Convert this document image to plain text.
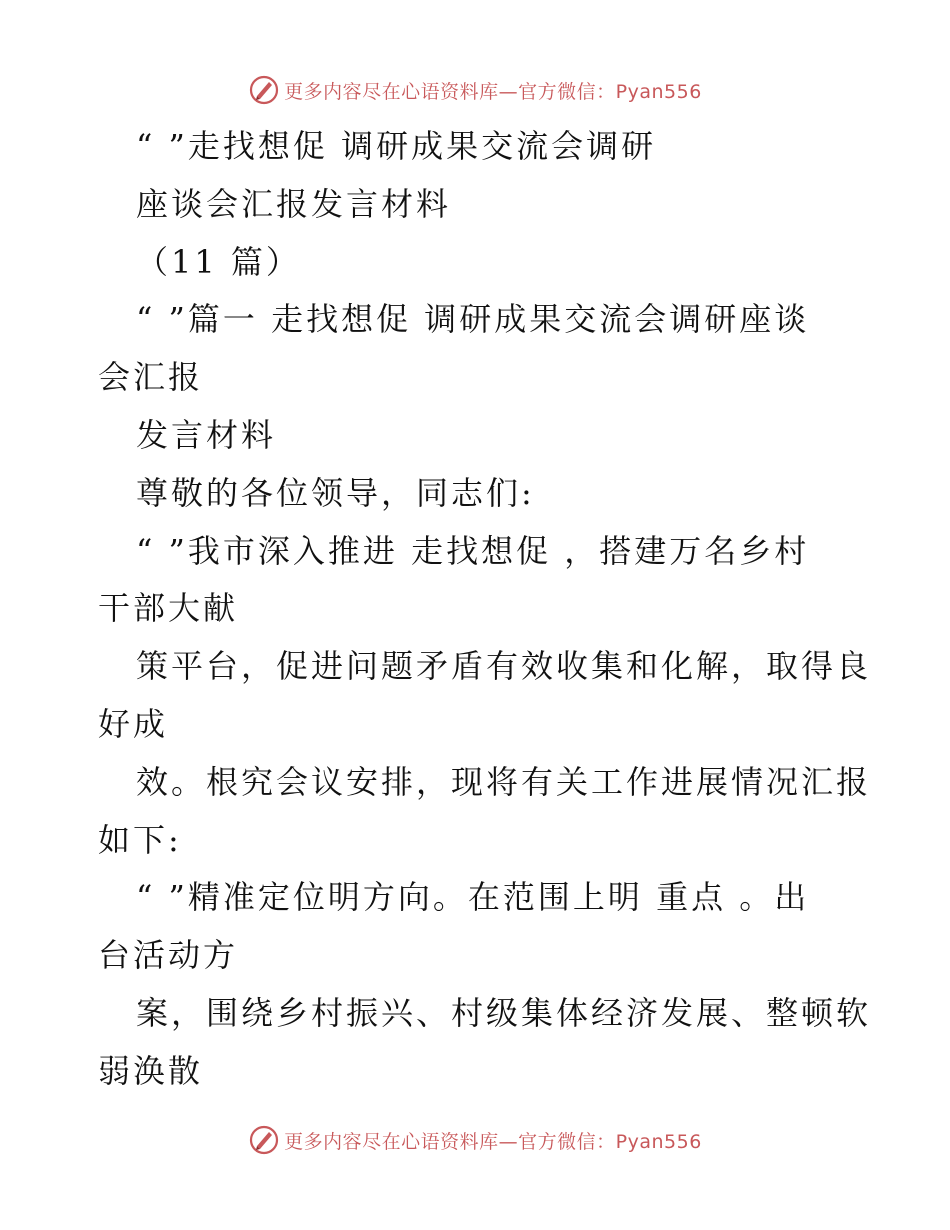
更多内容尽在心语资料库—官方微信：Pyan556
“ ”走找想促 调研成果交流会调研
座谈会汇报发言材料
（11 篇）
“ ”篇一 走找想促 调研成果交流会调研座谈
会汇报
发言材料
尊敬的各位领导，同志们:
“ ”我市深入推进 走找想促 ，搭建万名乡村
干部大献
策平台，促进问题矛盾有效收集和化解，取得良
好成
效。根究会议安排，现将有关工作进展情况汇报
如下:
“ ”精准定位明方向。在范围上明 重点 。出
台活动方
案，围绕乡村振兴、村级集体经济发展、整顿软
弱涣散
更多内容尽在心语资料库—官方微信：Pyan556
